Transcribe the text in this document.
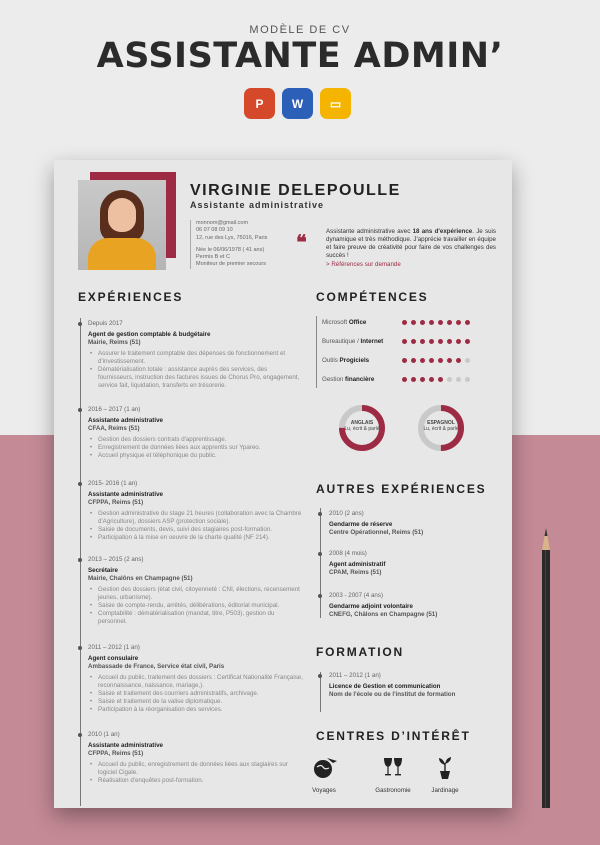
MODÈLE DE CV
ASSISTANTE ADMIN’
P	W	▭
VIRGINIE DELEPOULLE
Assistante administrative
monnom@gmail.com
06 07 08 09 10
12, rue des Lys, 75016, Paris
Née le 06/06/1978 ( 41 ans)
Permis B et C
Moniteur de premier secours
❝	Assistante administrative avec 18 ans d'expérience. Je suis dynamique et très méthodique. J'apprécie travailler en équipe et faire preuve de créativité pour faire de vos challenges des succès !
> Références sur demande
EXPÉRIENCES	COMPÉTENCES
AUTRES EXPÉRIENCES
FORMATION
CENTRES D’INTÉRÊT
Depuis 2017
Agent de gestion comptable & budgétaire
Mairie, Reims (51)
• Assurer le traitement comptable des dépenses de fonctionnement et d'investissement.
• Dématérialisation totale : assistance auprès des services, des fournisseurs, instruction des factures issues de Chorus Pro, engagement, service fait, liquidation, transferts en trésorerie.
2016 – 2017 (1 an)
Assistante administrative
CFAA, Reims (51)
• Gestion des dossiers contrats d'apprentissage.
• Enregistrement de données liées aux apprentis sur Ypareo.
• Accueil physique et téléphonique du public.
2015- 2016 (1 an)
Assistante administrative
CFPPA, Reims (51)
• Gestion administrative du stage 21 heures (collaboration avec la Chambre d'Agriculture), dossiers ASP (protection sociale).
• Saisie de documents, devis, suivi des stagiaires post-formation.
• Participation à la mise en oeuvre de la charte qualité (NF 214).
2013 – 2015 (2 ans)
Secrétaire
Mairie, Chalôns en Champagne (51)
• Gestion des dossiers (état civil, citoyenneté : CNI, élections, recensement jeunes, urbanisme).
• Saisie de compte-rendu, arrêtés, délibérations, éditorial municipal.
• Comptabilité : dématérialisation (mandat, titre, P503), gestion du personnel.
2011 – 2012 (1 an)
Agent consulaire
Ambassade de France, Service état civil, Paris
• Accueil du public, traitement des dossiers : Certificat Nationalité Française, reconnaissance, naissance, mariage,).
• Saisie et traitement des courriers administratifs, archivage.
• Saisie et traitement de la valise diplomatique.
• Participation à la réorganisation des services.
2010 (1 an)
Assistante administrative
CFPPA, Reims (51)
• Accueil du public, enregistrement de données liées aux stagiaires sur logiciel Cigale.
• Réalisation d'enquêtes post-formation.
Microsoft Office
Bureautique / Internet
Outils Progiciels
Gestion financière
ANGLAIS
Lu, écrit & parlé
ESPAGNOL
Lu, écrit & parlé
2010 (2 ans)
Gendarme de réserve
Centre Opérationnel, Reims (51)
2008 (4 mois)
Agent administratif
CPAM, Reims (51)
2003 - 2007 (4 ans)
Gendarme adjoint volontaire
CNEFG, Châlons en Champagne (51)
2011 – 2012 (1 an)
Licence de Gestion et communication
Nom de l'école ou de l'institut de formation
Voyages	Gastronomie	Jardinage
